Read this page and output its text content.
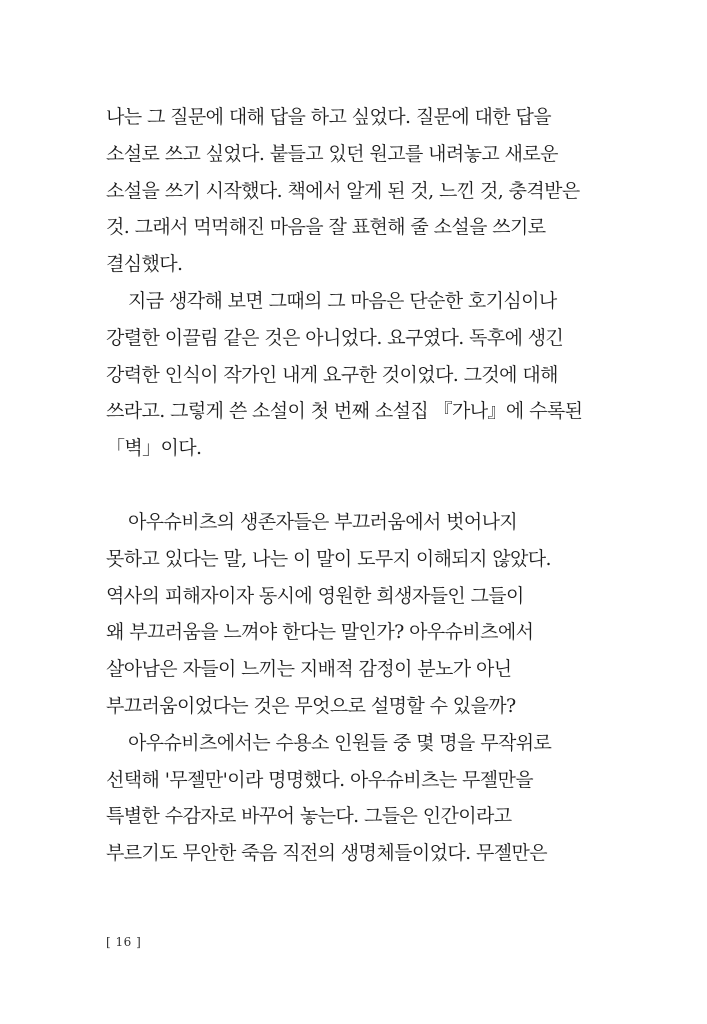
나는 그 질문에 대해 답을 하고 싶었다. 질문에 대한 답을
소설로 쓰고 싶었다. 붙들고 있던 원고를 내려놓고 새로운
소설을 쓰기 시작했다. 책에서 알게 된 것, 느낀 것, 충격받은
것. 그래서 먹먹해진 마음을 잘 표현해 줄 소설을 쓰기로
결심했다.
지금 생각해 보면 그때의 그 마음은 단순한 호기심이나
강렬한 이끌림 같은 것은 아니었다. 요구였다. 독후에 생긴
강력한 인식이 작가인 내게 요구한 것이었다. 그것에 대해
쓰라고. 그렇게 쓴 소설이 첫 번째 소설집 『가나』에 수록된
「벽」이다.
아우슈비츠의 생존자들은 부끄러움에서 벗어나지
못하고 있다는 말, 나는 이 말이 도무지 이해되지 않았다.
역사의 피해자이자 동시에 영원한 희생자들인 그들이
왜 부끄러움을 느껴야 한다는 말인가? 아우슈비츠에서
살아남은 자들이 느끼는 지배적 감정이 분노가 아닌
부끄러움이었다는 것은 무엇으로 설명할 수 있을까?
아우슈비츠에서는 수용소 인원들 중 몇 명을 무작위로
선택해 '무젤만'이라 명명했다. 아우슈비츠는 무젤만을
특별한 수감자로 바꾸어 놓는다. 그들은 인간이라고
부르기도 무안한 죽음 직전의 생명체들이었다. 무젤만은
[ 16 ]
